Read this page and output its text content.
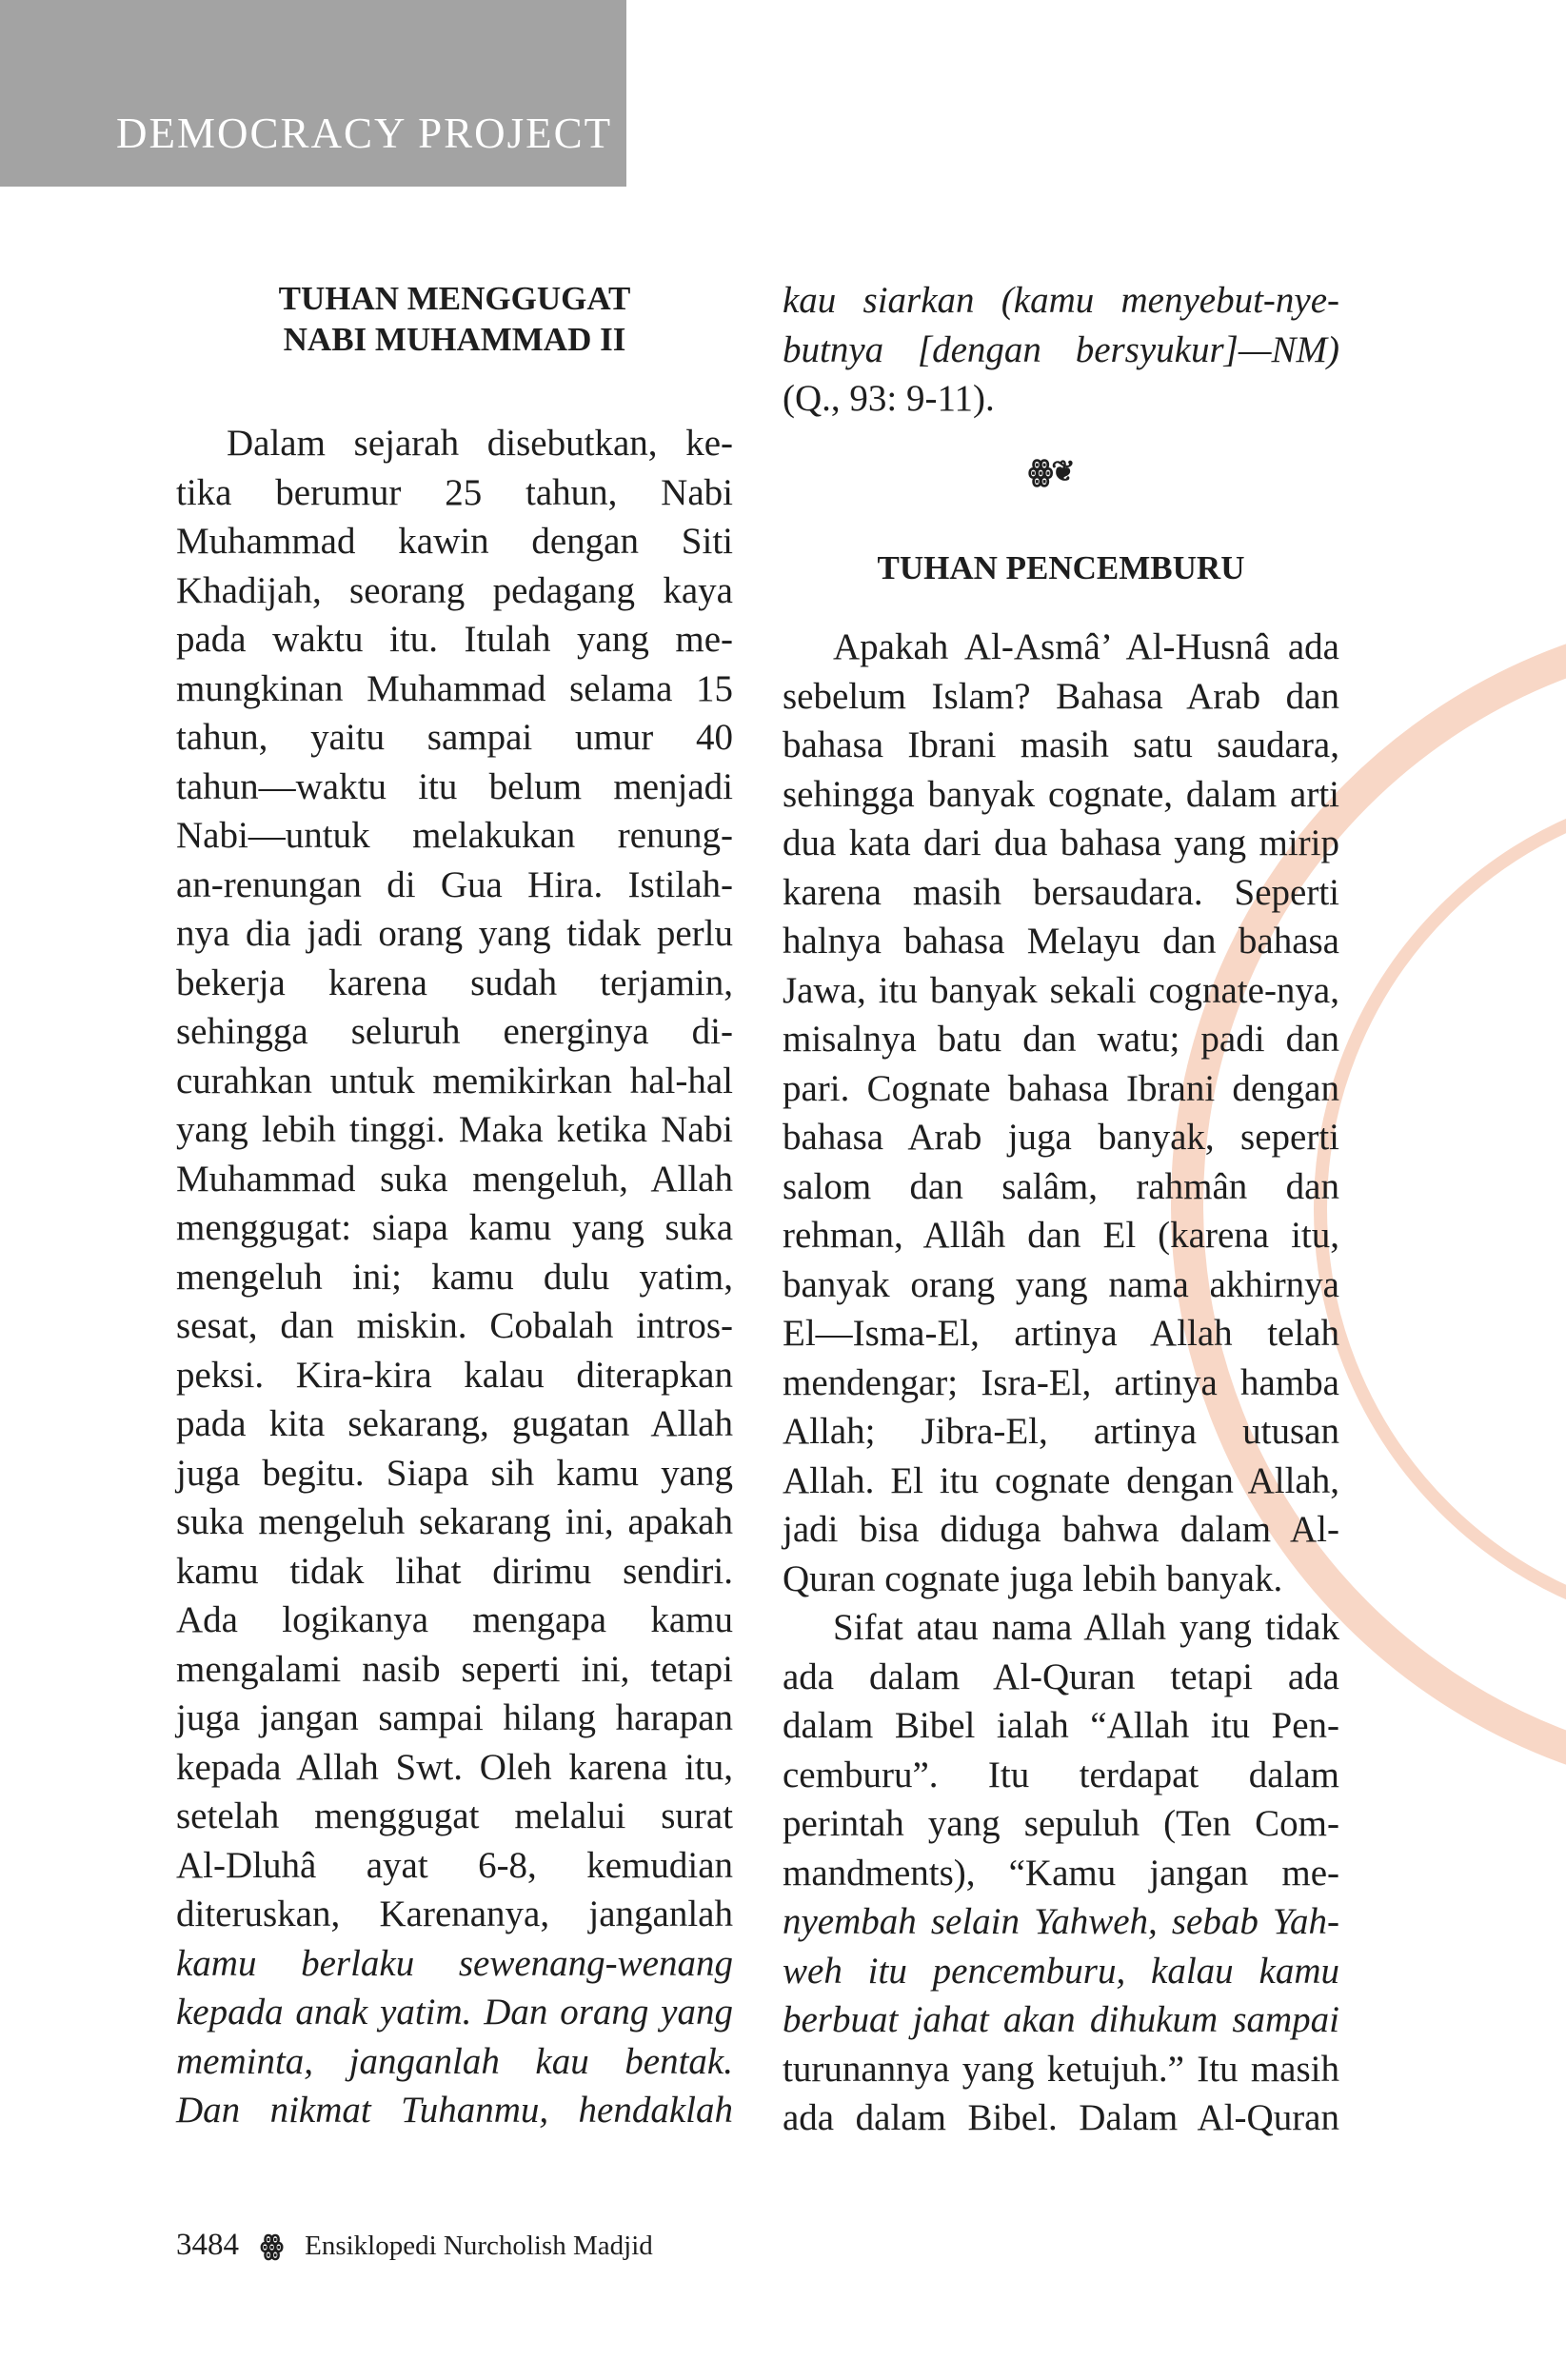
DEMOCRACY PROJECT
TUHAN MENGGUGAT
NABI MUHAMMAD II
Dalam sejarah disebutkan, ke-
tika berumur 25 tahun, Nabi
Muhammad kawin dengan Siti
Khadijah, seorang pedagang kaya
pada waktu itu. Itulah yang me-
mungkinan Muhammad selama 15
tahun, yaitu sampai umur 40
tahun—waktu itu belum menjadi
Nabi—untuk melakukan renung-
an-renungan di Gua Hira. Istilah-
nya dia jadi orang yang tidak perlu
bekerja karena sudah terjamin,
sehingga seluruh energinya di-
curahkan untuk memikirkan hal-hal
yang lebih tinggi. Maka ketika Nabi
Muhammad suka mengeluh, Allah
menggugat: siapa kamu yang suka
mengeluh ini; kamu dulu yatim,
sesat, dan miskin. Cobalah intros-
peksi. Kira-kira kalau diterapkan
pada kita sekarang, gugatan Allah
juga begitu. Siapa sih kamu yang
suka mengeluh sekarang ini, apakah
kamu tidak lihat dirimu sendiri.
Ada logikanya mengapa kamu
mengalami nasib seperti ini, tetapi
juga jangan sampai hilang harapan
kepada Allah Swt. Oleh karena itu,
setelah menggugat melalui surat
Al-Dluhâ ayat 6-8, kemudian
diteruskan, Karenanya, janganlah
kamu berlaku sewenang-wenang
kepada anak yatim. Dan orang yang
meminta, janganlah kau bentak.
Dan nikmat Tuhanmu, hendaklah
kau siarkan (kamu menyebut-nye-
butnya [dengan bersyukur]—NM)
(Q., 93: 9-11).
ꙮ❦
TUHAN PENCEMBURU
Apakah Al-Asmâ’ Al-Husnâ ada
sebelum Islam? Bahasa Arab dan
bahasa Ibrani masih satu saudara,
sehingga banyak cognate, dalam arti
dua kata dari dua bahasa yang mirip
karena masih bersaudara. Seperti
halnya bahasa Melayu dan bahasa
Jawa, itu banyak sekali cognate-nya,
misalnya batu dan watu; padi dan
pari. Cognate bahasa Ibrani dengan
bahasa Arab juga banyak, seperti
salom dan salâm, rahmân dan
rehman, Allâh dan El (karena itu,
banyak orang yang nama akhirnya
El—Isma-El, artinya Allah telah
mendengar; Isra-El, artinya hamba
Allah; Jibra-El, artinya utusan
Allah. El itu cognate dengan Allah,
jadi bisa diduga bahwa dalam Al-
Quran cognate juga lebih banyak.
Sifat atau nama Allah yang tidak
ada dalam Al-Quran tetapi ada
dalam Bibel ialah “Allah itu Pen-
cemburu”. Itu terdapat dalam
perintah yang sepuluh (Ten Com-
mandments), “Kamu jangan me-
nyembah selain Yahweh, sebab Yah-
weh itu pencemburu, kalau kamu
berbuat jahat akan dihukum sampai
turunannya yang ketujuh.” Itu masih
ada dalam Bibel. Dalam Al-Quran
3484 ꙮ Ensiklopedi Nurcholish Madjid
